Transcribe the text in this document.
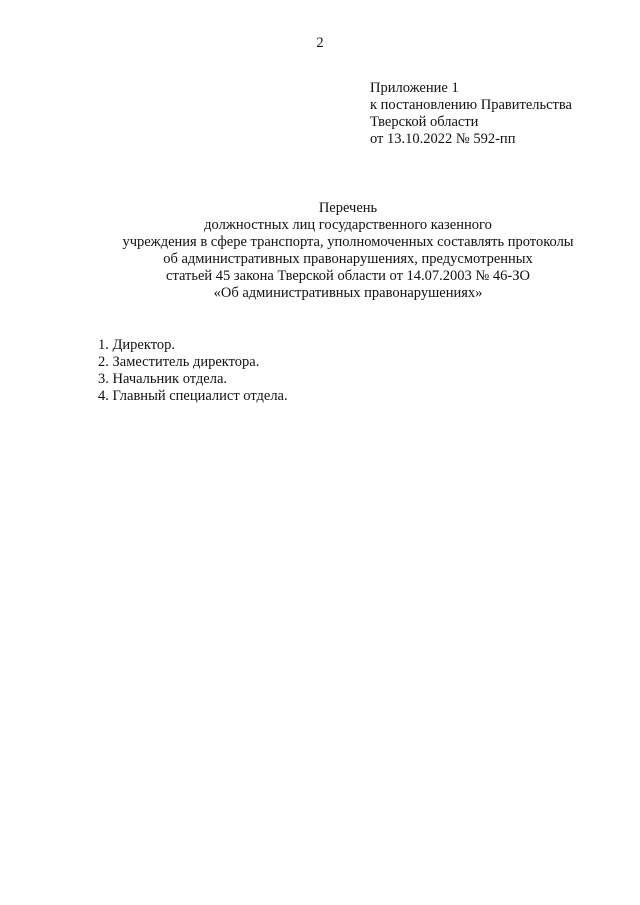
2
Приложение 1
к постановлению Правительства
Тверской области
от 13.10.2022 № 592-пп
Перечень
должностных лиц государственного казенного
учреждения в сфере транспорта, уполномоченных составлять протоколы
об административных правонарушениях, предусмотренных
статьей 45 закона Тверской области от 14.07.2003 № 46-ЗО
«Об административных правонарушениях»
1. Директор.
2. Заместитель директора.
3. Начальник отдела.
4. Главный специалист отдела.
